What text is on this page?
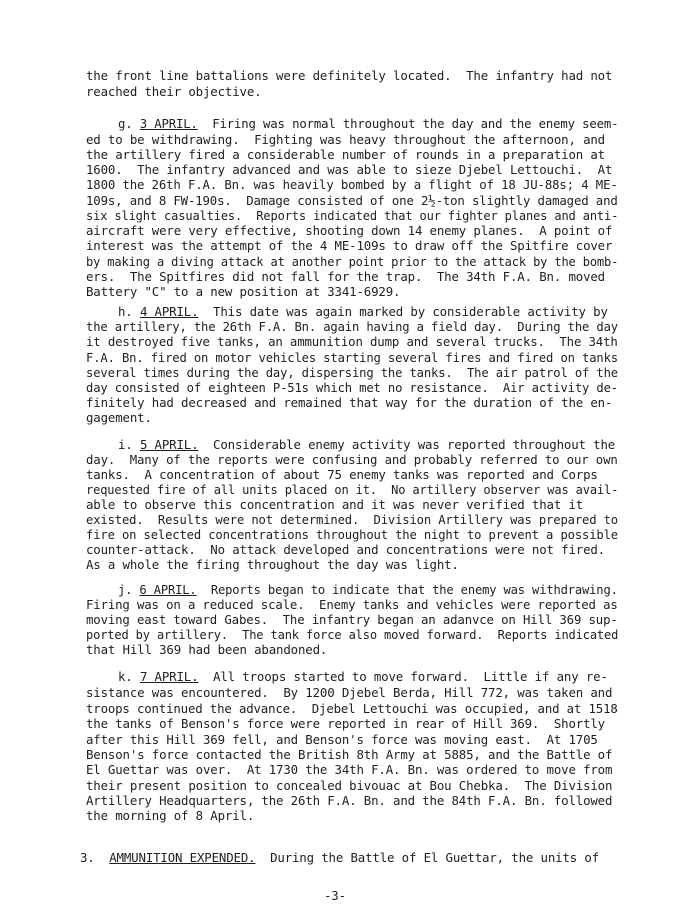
the front line battalions were definitely located.  The infantry had not
reached their objective.
g. 3 APRIL.  Firing was normal throughout the day and the enemy seem-
ed to be withdrawing.  Fighting was heavy throughout the afternoon, and
the artillery fired a considerable number of rounds in a preparation at
1600.  The infantry advanced and was able to sieze Djebel Lettouchi.  At
1800 the 26th F.A. Bn. was heavily bombed by a flight of 18 JU-88s; 4 ME-
109s, and 8 FW-190s.  Damage consisted of one 2½-ton slightly damaged and
six slight casualties.  Reports indicated that our fighter planes and anti-
aircraft were very effective, shooting down 14 enemy planes.  A point of
interest was the attempt of the 4 ME-109s to draw off the Spitfire cover
by making a diving attack at another point prior to the attack by the bomb-
ers.  The Spitfires did not fall for the trap.  The 34th F.A. Bn. moved
Battery "C" to a new position at 3341-6929.
h. 4 APRIL.  This date was again marked by considerable activity by
the artillery, the 26th F.A. Bn. again having a field day.  During the day
it destroyed five tanks, an ammunition dump and several trucks.  The 34th
F.A. Bn. fired on motor vehicles starting several fires and fired on tanks
several times during the day, dispersing the tanks.  The air patrol of the
day consisted of eighteen P-51s which met no resistance.  Air activity de-
finitely had decreased and remained that way for the duration of the en-
gagement.
i. 5 APRIL.  Considerable enemy activity was reported throughout the
day.  Many of the reports were confusing and probably referred to our own
tanks.  A concentration of about 75 enemy tanks was reported and Corps
requested fire of all units placed on it.  No artillery observer was avail-
able to observe this concentration and it was never verified that it
existed.  Results were not determined.  Division Artillery was prepared to
fire on selected concentrations throughout the night to prevent a possible
counter-attack.  No attack developed and concentrations were not fired.
As a whole the firing throughout the day was light.
j. 6 APRIL.  Reports began to indicate that the enemy was withdrawing.
Firing was on a reduced scale.  Enemy tanks and vehicles were reported as
moving east toward Gabes.  The infantry began an adanvce on Hill 369 sup-
ported by artillery.  The tank force also moved forward.  Reports indicated
that Hill 369 had been abandoned.
k. 7 APRIL.  All troops started to move forward.  Little if any re-
sistance was encountered.  By 1200 Djebel Berda, Hill 772, was taken and
troops continued the advance.  Djebel Lettouchi was occupied, and at 1518
the tanks of Benson's force were reported in rear of Hill 369.  Shortly
after this Hill 369 fell, and Benson's force was moving east.  At 1705
Benson's force contacted the British 8th Army at 5885, and the Battle of
El Guettar was over.  At 1730 the 34th F.A. Bn. was ordered to move from
their present position to concealed bivouac at Bou Chebka.  The Division
Artillery Headquarters, the 26th F.A. Bn. and the 84th F.A. Bn. followed
the morning of 8 April.
3. AMMUNITION EXPENDED.  During the Battle of El Guettar, the units of
-3-
